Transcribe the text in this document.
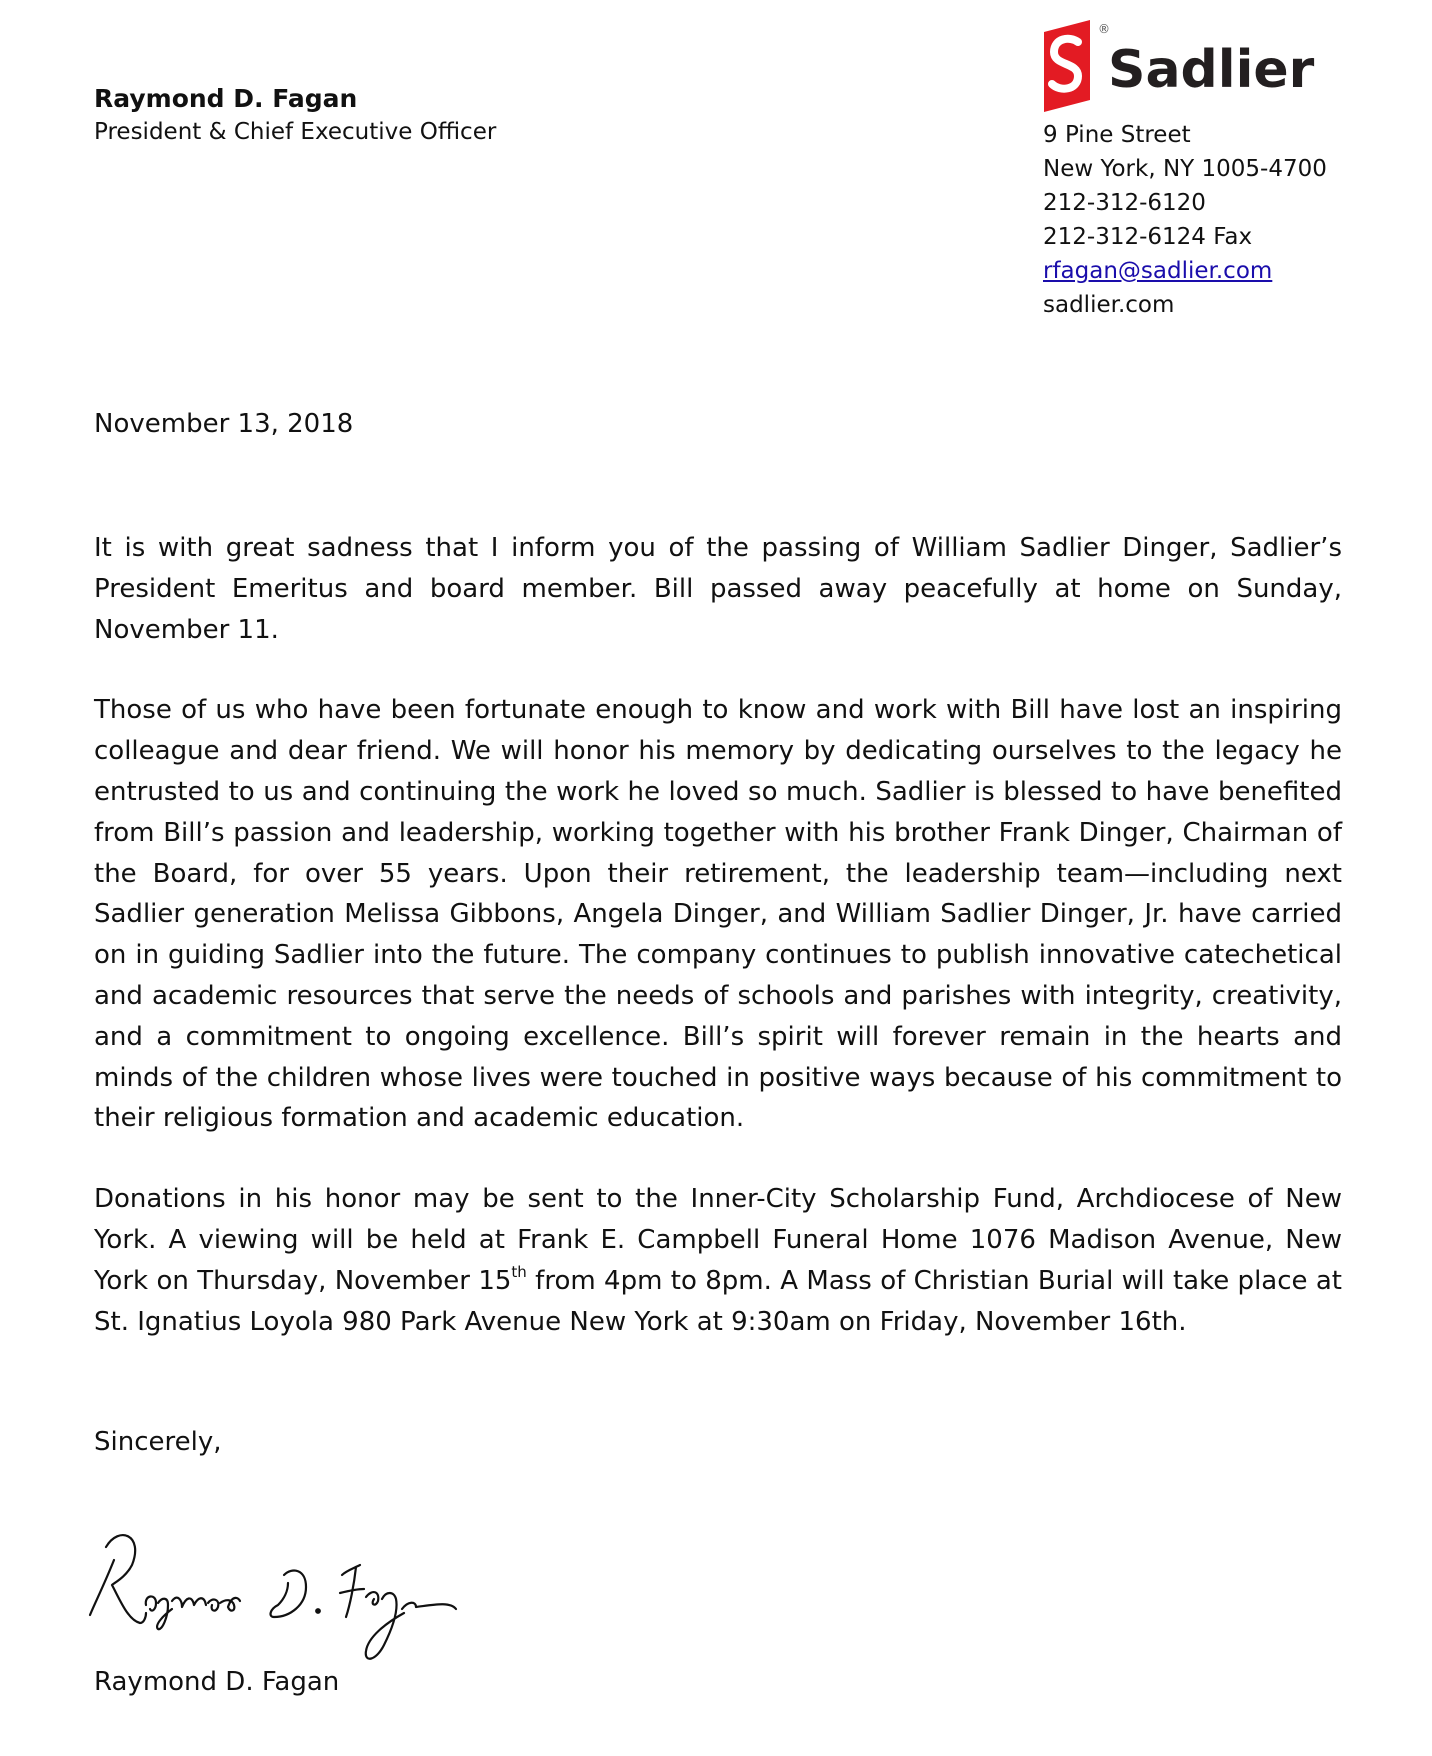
Raymond D. Fagan
President & Chief Executive Officer
®
Sadlier
9 Pine Street
New York, NY 1005-4700
212-312-6120
212-312-6124 Fax
rfagan@sadlier.com
sadlier.com
November 13, 2018

It is with great sadness that I inform you of the passing of William Sadlier Dinger, Sadlier’s President Emeritus and board member. Bill passed away peacefully at home on Sunday, November 11.

Those of us who have been fortunate enough to know and work with Bill have lost an inspiring colleague and dear friend. We will honor his memory by dedicating ourselves to the legacy he entrusted to us and continuing the work he loved so much. Sadlier is blessed to have benefited from Bill’s passion and leadership, working together with his brother Frank Dinger, Chairman of the Board, for over 55 years. Upon their retirement, the leadership team—including next Sadlier generation Melissa Gibbons, Angela Dinger, and William Sadlier Dinger, Jr. have carried on in guiding Sadlier into the future. The company continues to publish innovative catechetical and academic resources that serve the needs of schools and parishes with integrity, creativity, and a commitment to ongoing excellence. Bill’s spirit will forever remain in the hearts and minds of the children whose lives were touched in positive ways because of his commitment to their religious formation and academic education.

Donations in his honor may be sent to the Inner-City Scholarship Fund, Archdiocese of New York. A viewing will be held at Frank E. Campbell Funeral Home 1076 Madison Avenue, New York on Thursday, November 15th from 4pm to 8pm. A Mass of Christian Burial will take place at St. Ignatius Loyola 980 Park Avenue New York at 9:30am on Friday, November 16th.

Sincerely,
Raymond D. Fagan
